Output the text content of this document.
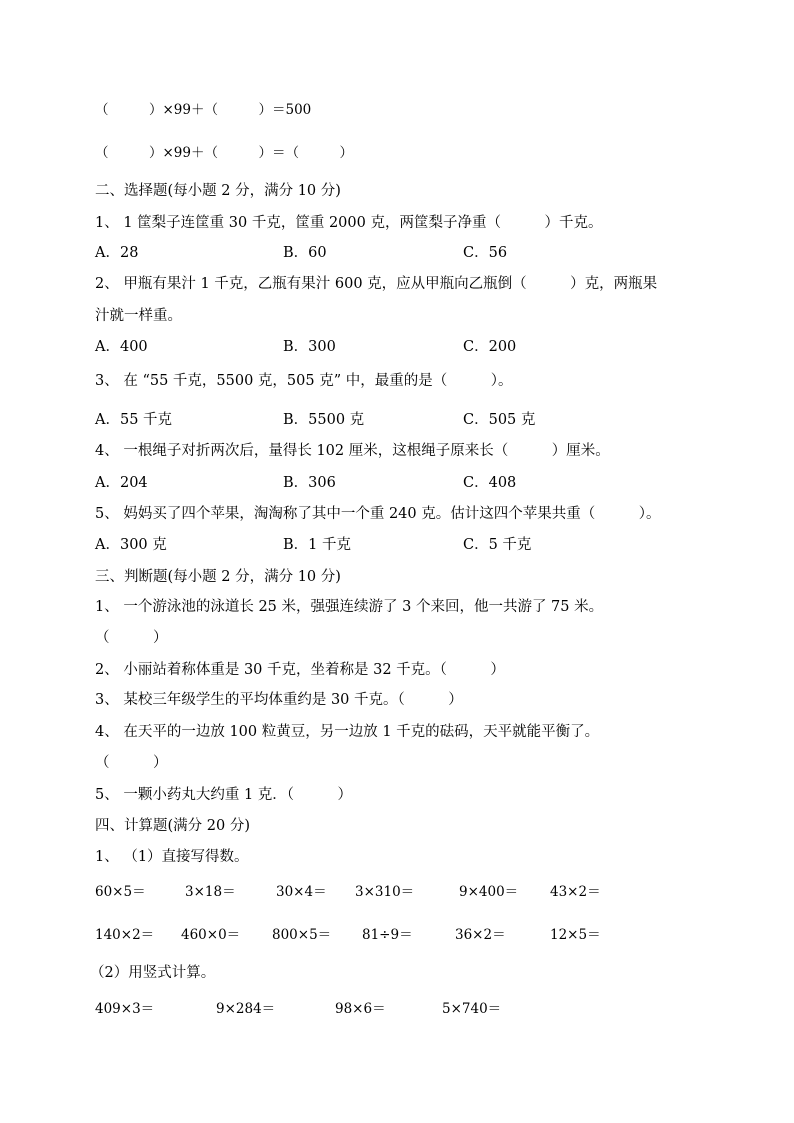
（　　　）×99＋（　　　）＝500
（　　　）×99＋（　　　）＝（　　　）
二、选择题(每小题 2 分，满分 10 分)
1、 1 筐梨子连筐重 30 千克，筐重 2000 克，两筐梨子净重（　　　）千克。
A．28	B．60	C．56
2、 甲瓶有果汁 1 千克，乙瓶有果汁 600 克，应从甲瓶向乙瓶倒（　　　）克，两瓶果
汁就一样重。
A．400	B．300	C．200
3、 在 “55 千克，5500 克，505 克” 中，最重的是（　　　）。
A．55 千克	B．5500 克	C．505 克
4、 一根绳子对折两次后，量得长 102 厘米，这根绳子原来长（　　　）厘米。
A．204	B．306	C．408
5、 妈妈买了四个苹果，淘淘称了其中一个重 240 克。估计这四个苹果共重（　　　）。
A．300 克	B．1 千克	C．5 千克
三、判断题(每小题 2 分，满分 10 分)
1、 一个游泳池的泳道长 25 米，强强连续游了 3 个来回，他一共游了 75 米。
（　　　）
2、 小丽站着称体重是 30 千克，坐着称是 32 千克。（　　　）
3、 某校三年级学生的平均体重约是 30 千克。（　　　）
4、 在天平的一边放 100 粒黄豆，另一边放 1 千克的砝码，天平就能平衡了。
（　　　）
5、 一颗小药丸大约重 1 克．（　　　）
四、计算题(满分 20 分)
1、 （1）直接写得数。
60×5＝	3×18＝	30×4＝ 3×310＝	9×400＝ 43×2＝
140×2＝ 460×0＝ 800×5＝ 81÷9＝	36×2＝	12×5＝
（2）用竖式计算。
409×3＝	9×284＝	98×6＝	5×740＝
